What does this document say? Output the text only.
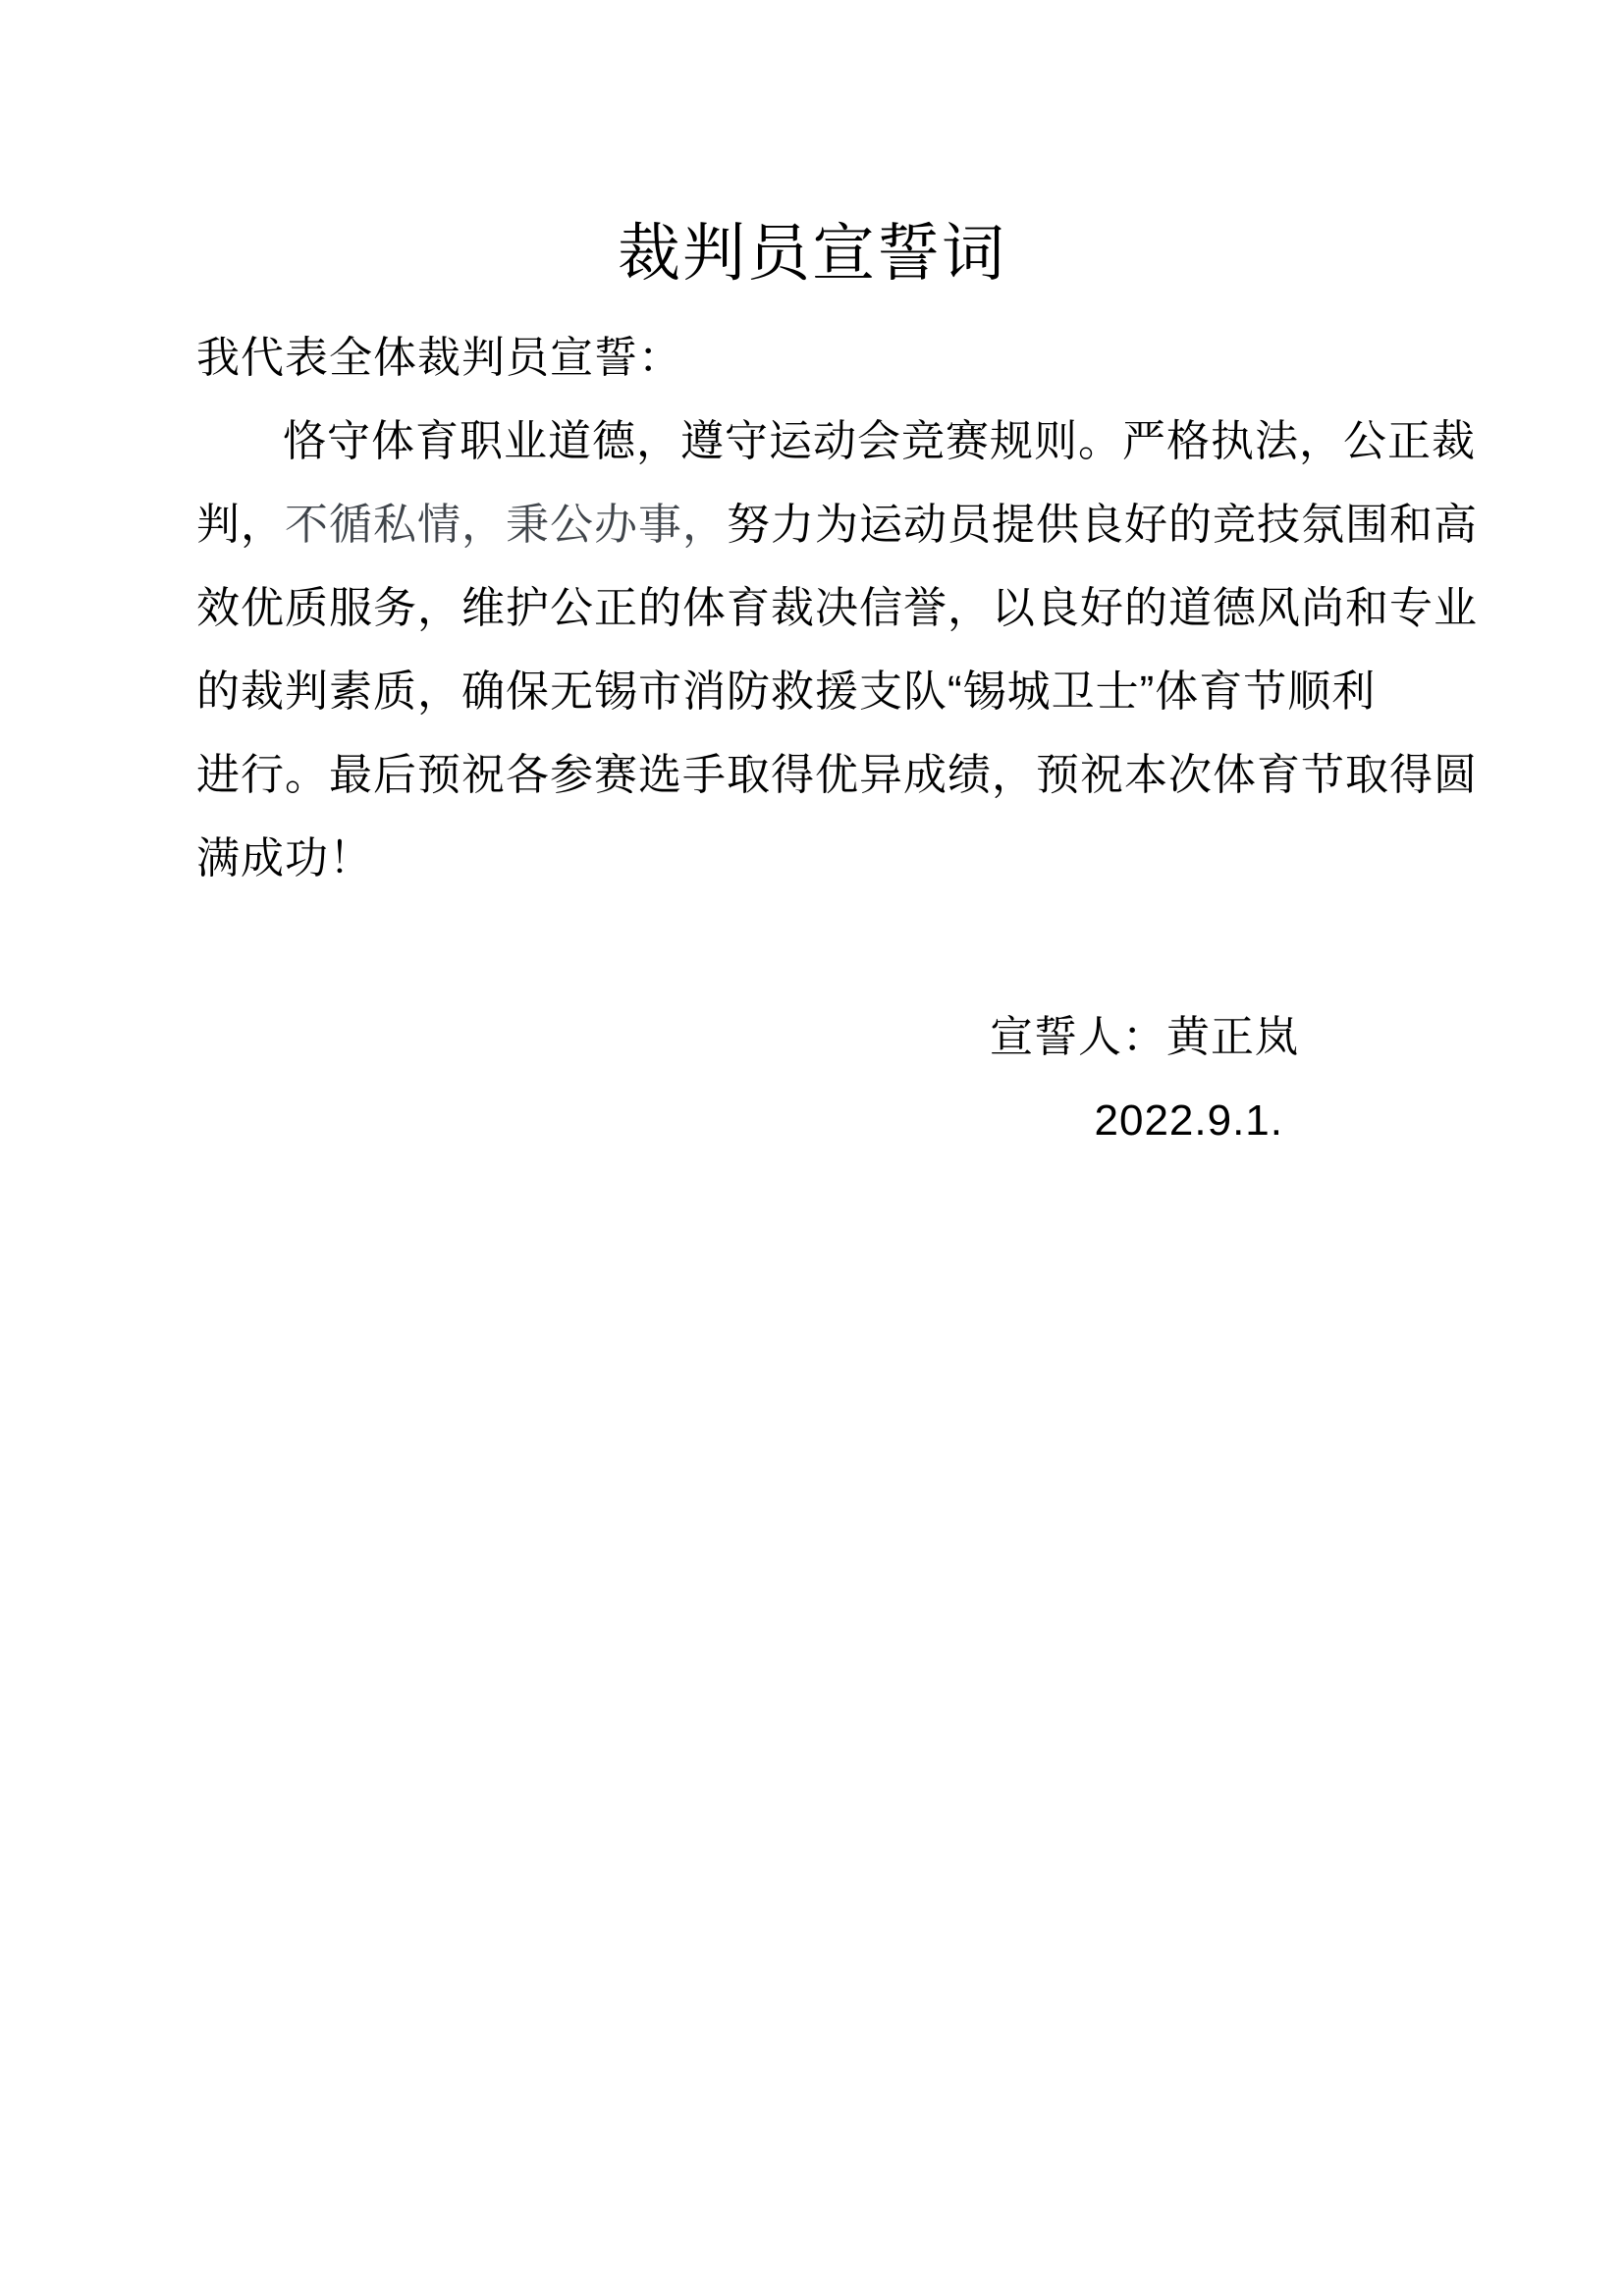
裁判员宣誓词
我代表全体裁判员宣誓：
恪守体育职业道德，遵守运动会竞赛规则。严格执法，公正裁
判，不循私情，秉公办事，努力为运动员提供良好的竞技氛围和高
效优质服务，维护公正的体育裁决信誉，以良好的道德风尚和专业
的裁判素质，确保无锡市消防救援支队“锡城卫士”体育节顺利
进行。最后预祝各参赛选手取得优异成绩，预祝本次体育节取得圆
满成功！
宣誓人：黄正岚
2022.9.1.
